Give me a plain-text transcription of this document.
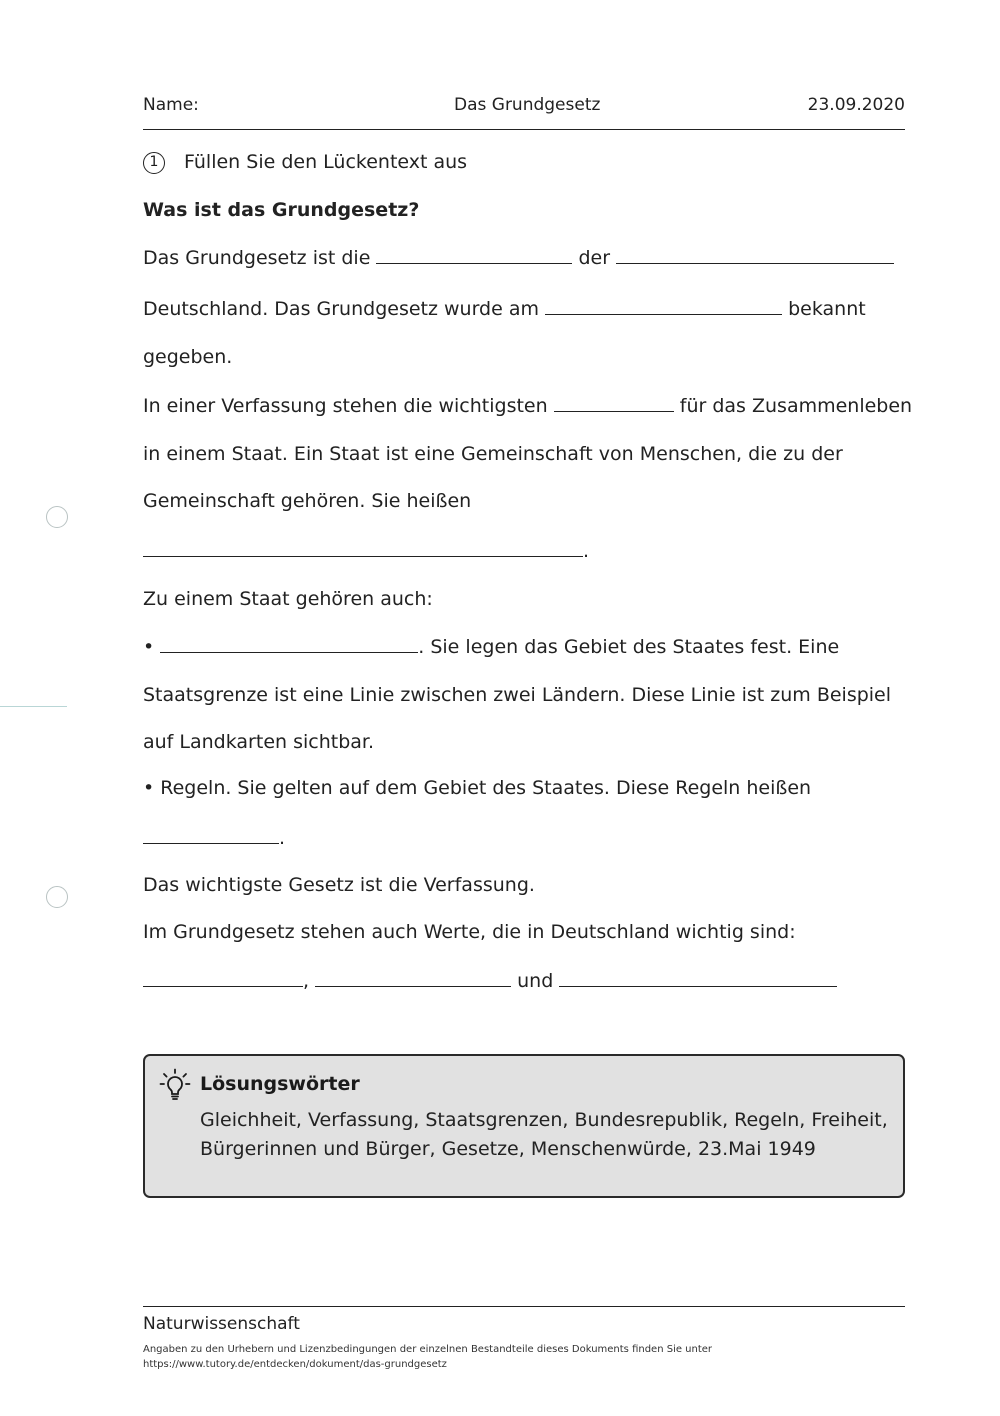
Name:	Das Grundgesetz	23.09.2020
1	Füllen Sie den Lückentext aus
Was ist das Grundgesetz?
Das Grundgesetz ist die	der
Deutschland. Das Grundgesetz wurde am	bekannt
gegeben.
In einer Verfassung stehen die wichtigsten	für das Zusammenleben
in einem Staat. Ein Staat ist eine Gemeinschaft von Menschen, die zu der
Gemeinschaft gehören. Sie heißen
.
Zu einem Staat gehören auch:
•	. Sie legen das Gebiet des Staates fest. Eine
Staatsgrenze ist eine Linie zwischen zwei Ländern. Diese Linie ist zum Beispiel
auf Landkarten sichtbar.
• Regeln. Sie gelten auf dem Gebiet des Staates. Diese Regeln heißen
.
Das wichtigste Gesetz ist die Verfassung.
Im Grundgesetz stehen auch Werte, die in Deutschland wichtig sind:
,	und
Lösungswörter
Gleichheit, Verfassung, Staatsgrenzen, Bundesrepublik, Regeln, Freiheit, Bürgerinnen und Bürger, Gesetze, Menschenwürde, 23.Mai 1949
Naturwissenschaft
Angaben zu den Urhebern und Lizenzbedingungen der einzelnen Bestandteile dieses Dokuments finden Sie unter
https://www.tutory.de/entdecken/dokument/das-grundgesetz
